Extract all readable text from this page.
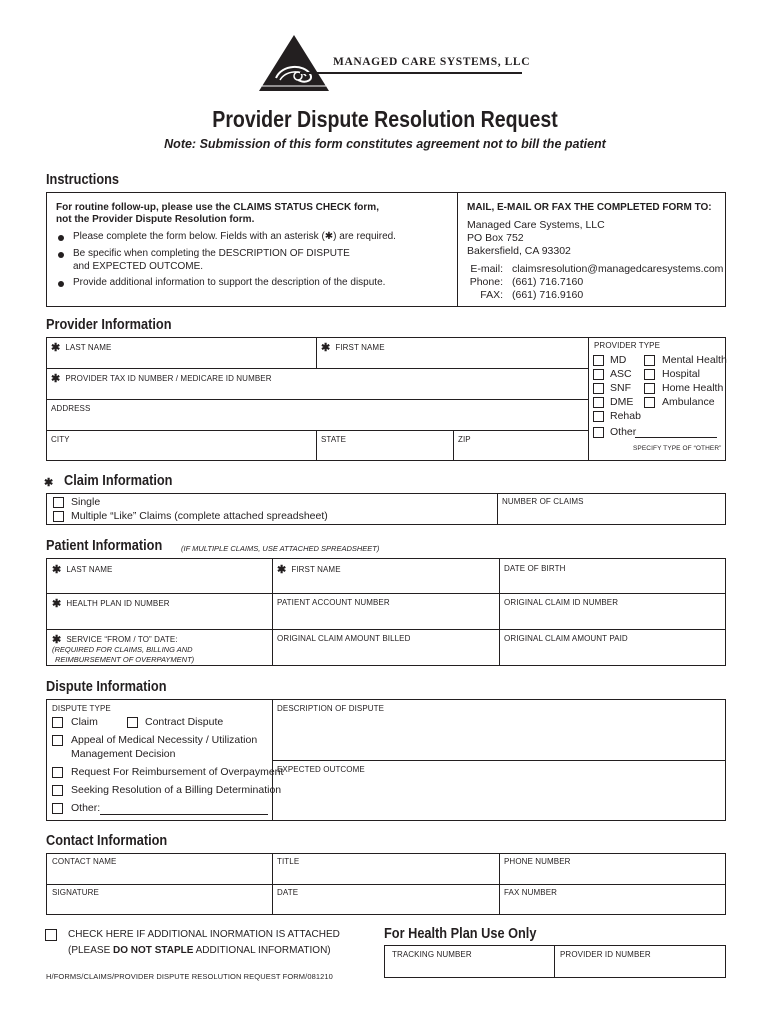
MANAGED CARE SYSTEMS, LLC
Provider Dispute Resolution Request
Note: Submission of this form constitutes agreement not to bill the patient
Instructions
For routine follow-up, please use the CLAIMS STATUS CHECK form,
not the Provider Dispute Resolution form.
Please complete the form below. Fields with an asterisk (✱) are required.
Be specific when completing the DESCRIPTION OF DISPUTE
and EXPECTED OUTCOME.
Provide additional information to support the description of the dispute.
MAIL, E-MAIL OR FAX THE COMPLETED FORM TO:
Managed Care Systems, LLC
PO Box 752
Bakersfield, CA 93302
E-mail: claimsresolution@managedcaresystems.com
Phone: (661) 716.7160
FAX: (661) 716.9160
Provider Information
✱ LAST NAME	✱ FIRST NAME
✱ PROVIDER TAX ID NUMBER / MEDICARE ID NUMBER
ADDRESS
CITY	STATE	ZIP
PROVIDER TYPE
MD
ASC
SNF
DME
Rehab
Other
SPECIFY TYPE OF “OTHER”
Mental Health
Hospital
Home Health
Ambulance
✱ Claim Information
Single
Multiple “Like” Claims (complete attached spreadsheet)
NUMBER OF CLAIMS
Patient Information (IF MULTIPLE CLAIMS, USE ATTACHED SPREADSHEET)
✱ LAST NAME	✱ FIRST NAME	DATE OF BIRTH
✱ HEALTH PLAN ID NUMBER	PATIENT ACCOUNT NUMBER	ORIGINAL CLAIM ID NUMBER
✱ SERVICE “FROM / TO” DATE:
(REQUIRED FOR CLAIMS, BILLING AND
REIMBURSEMENT OF OVERPAYMENT)
ORIGINAL CLAIM AMOUNT BILLED	ORIGINAL CLAIM AMOUNT PAID
Dispute Information
DISPUTE TYPE
Claim	Contract Dispute
Appeal of Medical Necessity / Utilization
Management Decision
Request For Reimbursement of Overpayment
Seeking Resolution of a Billing Determination
Other:
DESCRIPTION OF DISPUTE
EXPECTED OUTCOME
Contact Information
CONTACT NAME	TITLE	PHONE NUMBER
SIGNATURE	DATE	FAX NUMBER
CHECK HERE IF ADDITIONAL INORMATION IS ATTACHED
(PLEASE DO NOT STAPLE ADDITIONAL INFORMATION)
For Health Plan Use Only
TRACKING NUMBER	PROVIDER ID NUMBER
H/FORMS/CLAIMS/PROVIDER DISPUTE RESOLUTION REQUEST FORM/081210
